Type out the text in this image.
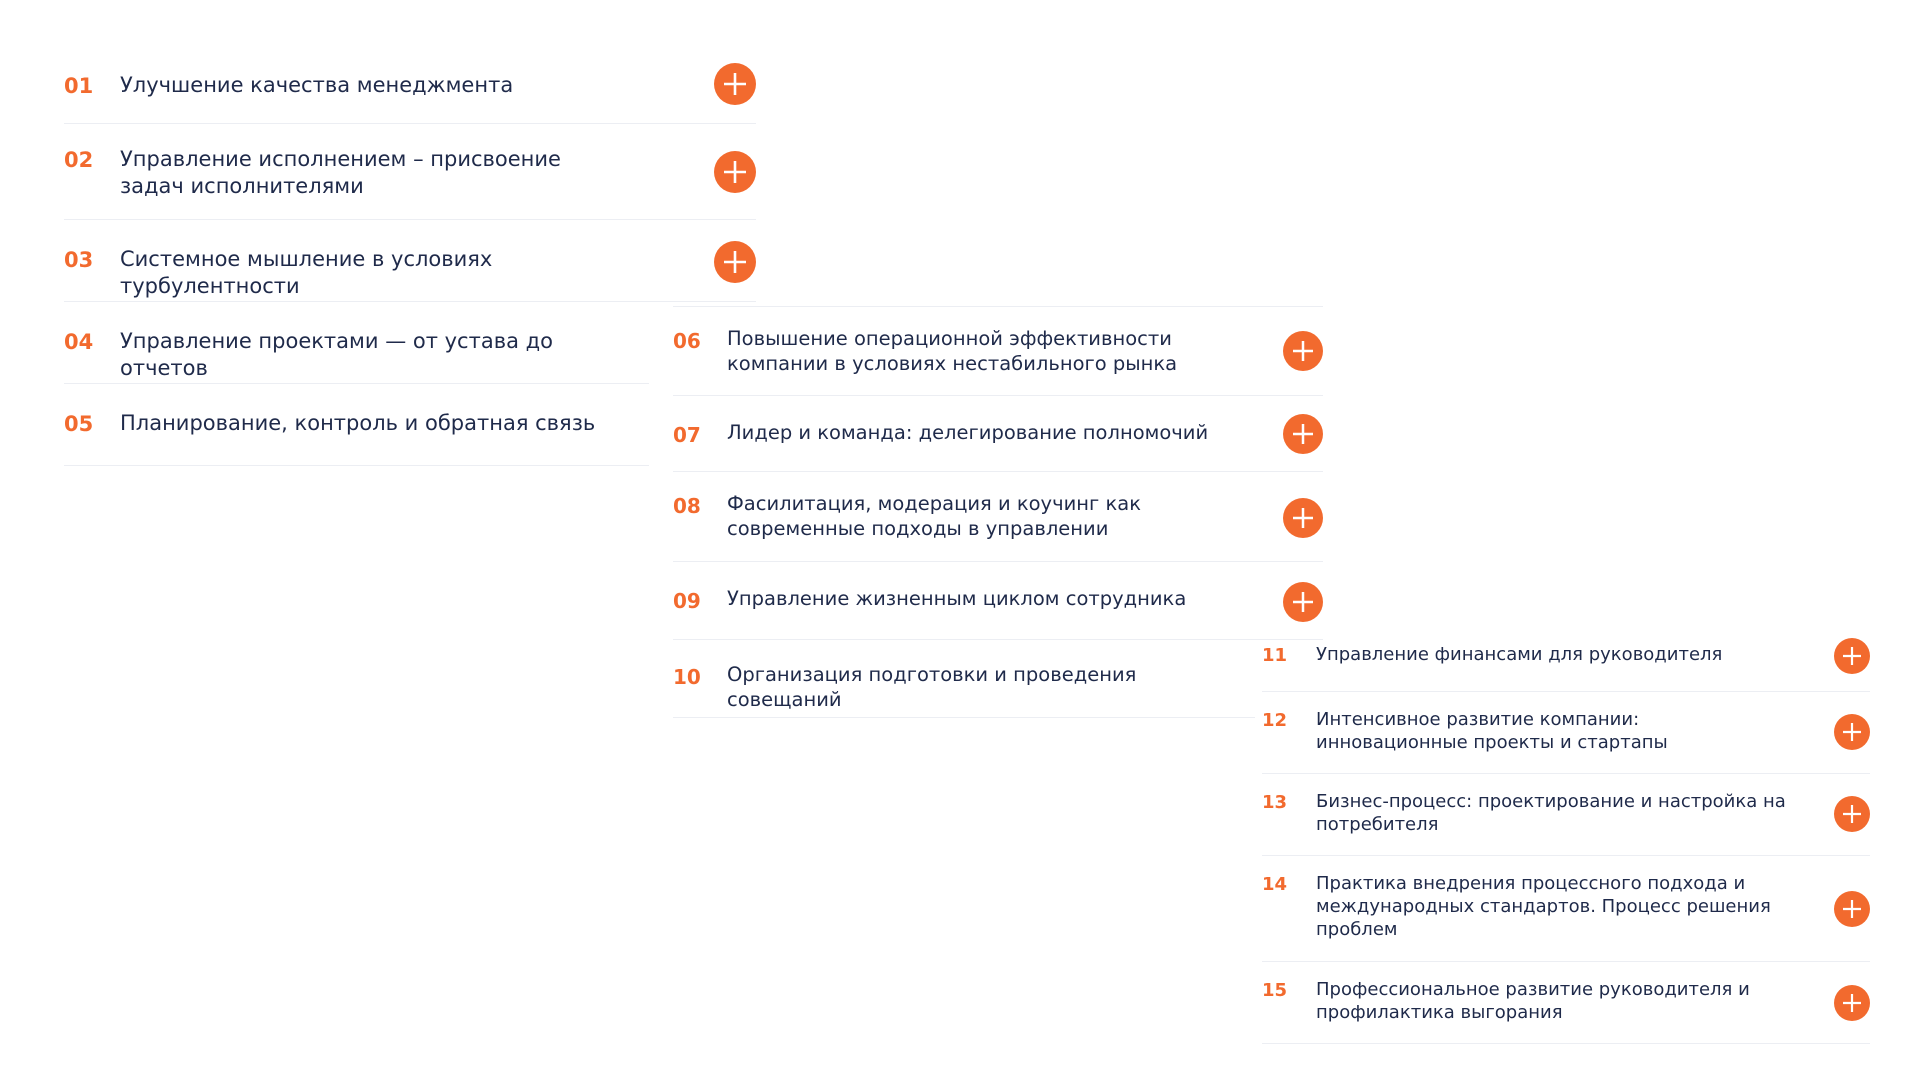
01 Улучшение качества менеджмента
02 Управление исполнением – присвоение задач исполнителями
03 Системное мышление в условиях турбулентности
04 Управление проектами — от устава до отчетов
05 Планирование, контроль и обратная связь
06 Повышение операционной эффективности компании в условиях нестабильного рынка
07 Лидер и команда: делегирование полномочий
08 Фасилитация, модерация и коучинг как современные подходы в управлении
09 Управление жизненным циклом сотрудника
10 Организация подготовки и проведения совещаний
11 Управление финансами для руководителя
12 Интенсивное развитие компании: инновационные проекты и стартапы
13 Бизнес-процесс: проектирование и настройка на потребителя
14 Практика внедрения процессного подхода и международных стандартов. Процесс решения проблем
15 Профессиональное развитие руководителя и профилактика выгорания
